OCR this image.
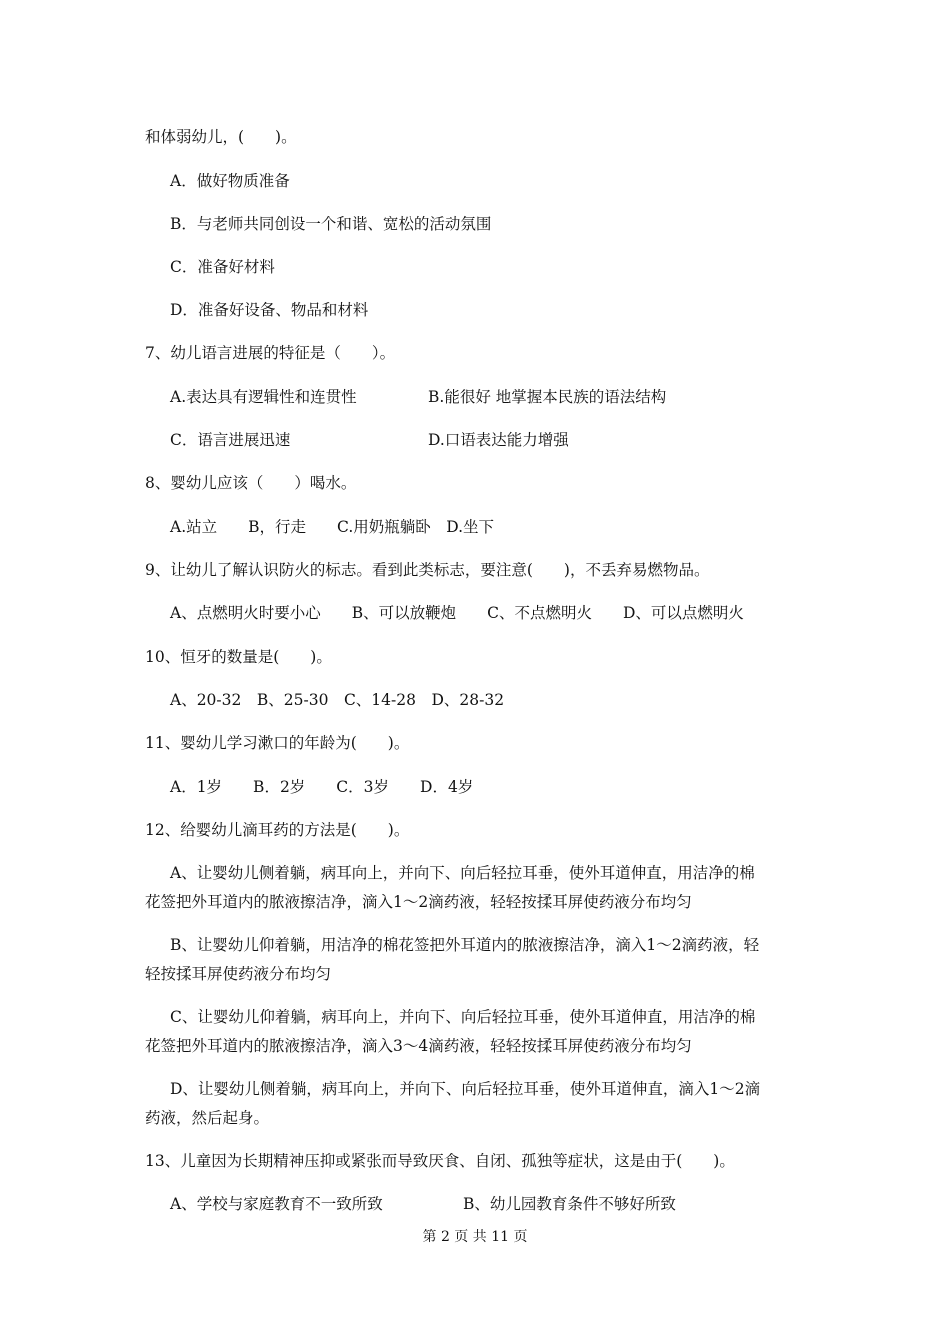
和体弱幼儿，(　　)。
A．做好物质准备
B．与老师共同创设一个和谐、宽松的活动氛围
C．准备好材料
D．准备好设备、物品和材料
7、幼儿语言进展的特征是（　　）。
A.表达具有逻辑性和连贯性	B.能很好 地掌握本民族的语法结构
C．语言进展迅速	D.口语表达能力增强
8、婴幼儿应该（　　）喝水。
A.站立　　B，行走　　C.用奶瓶躺卧　D.坐下
9、让幼儿了解认识防火的标志。看到此类标志，要注意(　　)，不丢弃易燃物品。
A、点燃明火时要小心　　B、可以放鞭炮　　C、不点燃明火　　D、可以点燃明火
10、恒牙的数量是(　　)。
A、20-32　B、25-30　C、14-28　D、28-32
11、婴幼儿学习漱口的年龄为(　　)。
A．1岁　　B．2岁　　C．3岁　　D．4岁
12、给婴幼儿滴耳药的方法是(　　)。
A、让婴幼儿侧着躺，病耳向上，并向下、向后轻拉耳垂，使外耳道伸直，用洁净的棉
花签把外耳道内的脓液擦洁净，滴入1～2滴药液，轻轻按揉耳屏使药液分布均匀
B、让婴幼儿仰着躺，用洁净的棉花签把外耳道内的脓液擦洁净，滴入1～2滴药液，轻
轻按揉耳屏使药液分布均匀
C、让婴幼儿仰着躺，病耳向上，并向下、向后轻拉耳垂，使外耳道伸直，用洁净的棉
花签把外耳道内的脓液擦洁净，滴入3～4滴药液，轻轻按揉耳屏使药液分布均匀
D、让婴幼儿侧着躺，病耳向上，并向下、向后轻拉耳垂，使外耳道伸直，滴入1～2滴
药液，然后起身。
13、儿童因为长期精神压抑或紧张而导致厌食、自闭、孤独等症状，这是由于(　　)。
A、学校与家庭教育不一致所致	B、幼儿园教育条件不够好所致
第 2 页 共 11 页
